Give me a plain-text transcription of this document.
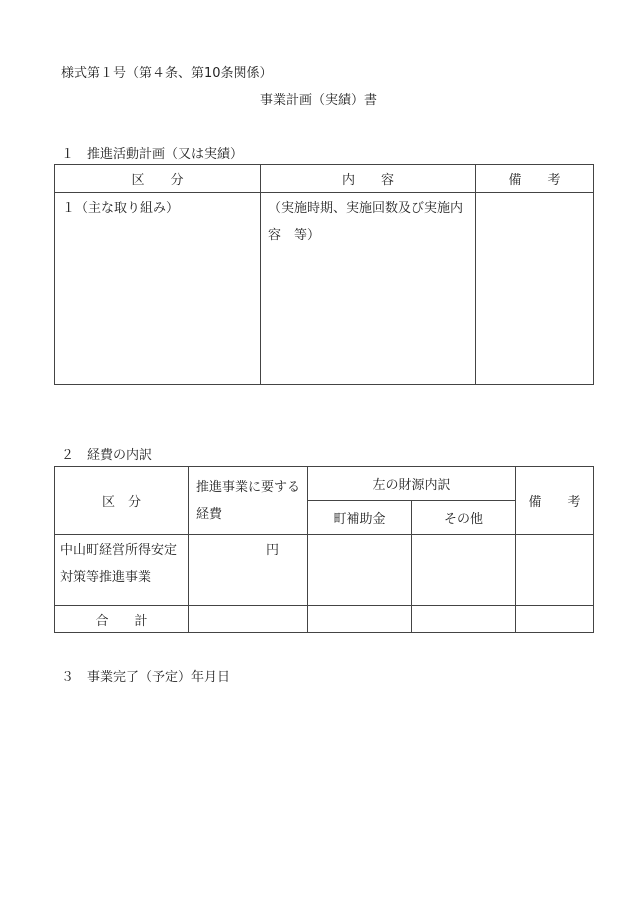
様式第１号（第４条、第10条関係）
事業計画（実績）書
１　推進活動計画（又は実績）
区　　分	内　　容	備　　考

１（主な取り組み）	（実施時期、実施回数及び実施内容　等）	

２　経費の内訳
区　分	推進事業に要する経費	左の財源内訳		備　　考
		町補助金	その他	

中山町経営所得安定対策等推進事業	円			

合　　計				
３　事業完了（予定）年月日
